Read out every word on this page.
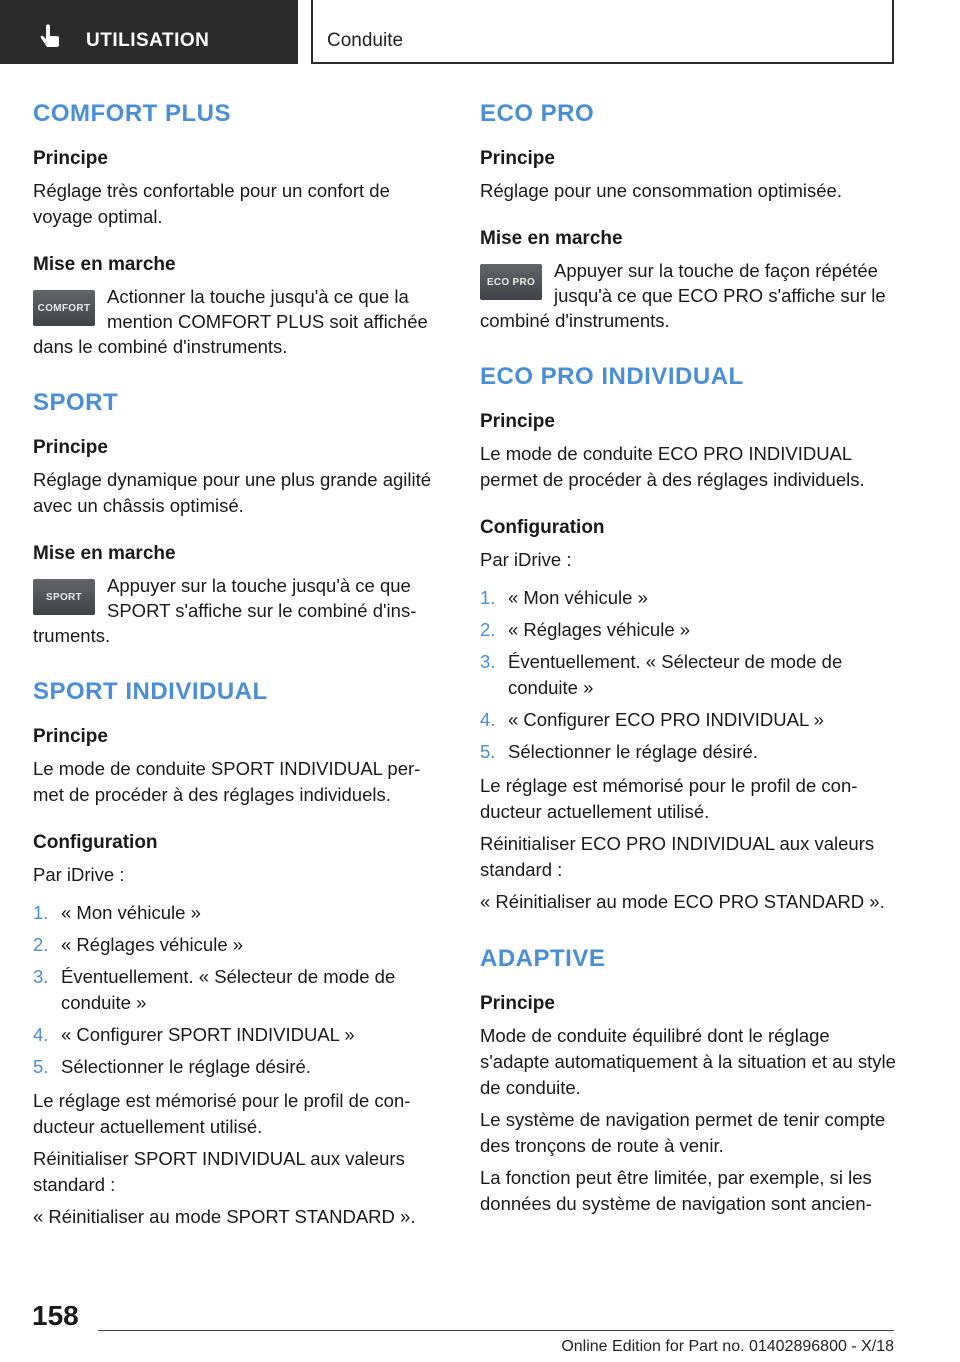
UTILISATION	Conduite
COMFORT PLUS
Principe

Réglage très confortable pour un confort de voyage optimal.

Mise en marche
COMFORT
Actionner la touche jusqu'à ce que la mention COMFORT PLUS soit affichée dans le combiné d'instruments.
SPORT
Principe

Réglage dynamique pour une plus grande agilité avec un châssis optimisé.

Mise en marche
SPORT
Appuyer sur la touche jusqu'à ce que SPORT s'affiche sur le combiné d'ins-truments.
SPORT INDIVIDUAL
Principe

Le mode de conduite SPORT INDIVIDUAL per-met de procéder à des réglages individuels.

Configuration

Par iDrive :

1. « Mon véhicule »
2. « Réglages véhicule »
3. Éventuellement. « Sélecteur de mode de conduite »
4. « Configurer SPORT INDIVIDUAL »
5. Sélectionner le réglage désiré.

Le réglage est mémorisé pour le profil de con-ducteur actuellement utilisé.

Réinitialiser SPORT INDIVIDUAL aux valeurs standard :

« Réinitialiser au mode SPORT STANDARD ».

ECO PRO
Principe

Réglage pour une consommation optimisée.

Mise en marche
ECO PRO
Appuyer sur la touche de façon répétée jusqu'à ce que ECO PRO s'affiche sur le combiné d'instruments.
ECO PRO INDIVIDUAL
Principe

Le mode de conduite ECO PRO INDIVIDUAL permet de procéder à des réglages individuels.

Configuration

Par iDrive :

1. « Mon véhicule »
2. « Réglages véhicule »
3. Éventuellement. « Sélecteur de mode de conduite »
4. « Configurer ECO PRO INDIVIDUAL »
5. Sélectionner le réglage désiré.

Le réglage est mémorisé pour le profil de con-ducteur actuellement utilisé.

Réinitialiser ECO PRO INDIVIDUAL aux valeurs standard :

« Réinitialiser au mode ECO PRO STANDARD ».

ADAPTIVE
Principe

Mode de conduite équilibré dont le réglage s'adapte automatiquement à la situation et au style de conduite.

Le système de navigation permet de tenir compte des tronçons de route à venir.

La fonction peut être limitée, par exemple, si les données du système de navigation sont ancien-

158
Online Edition for Part no. 01402896800 - X/18
